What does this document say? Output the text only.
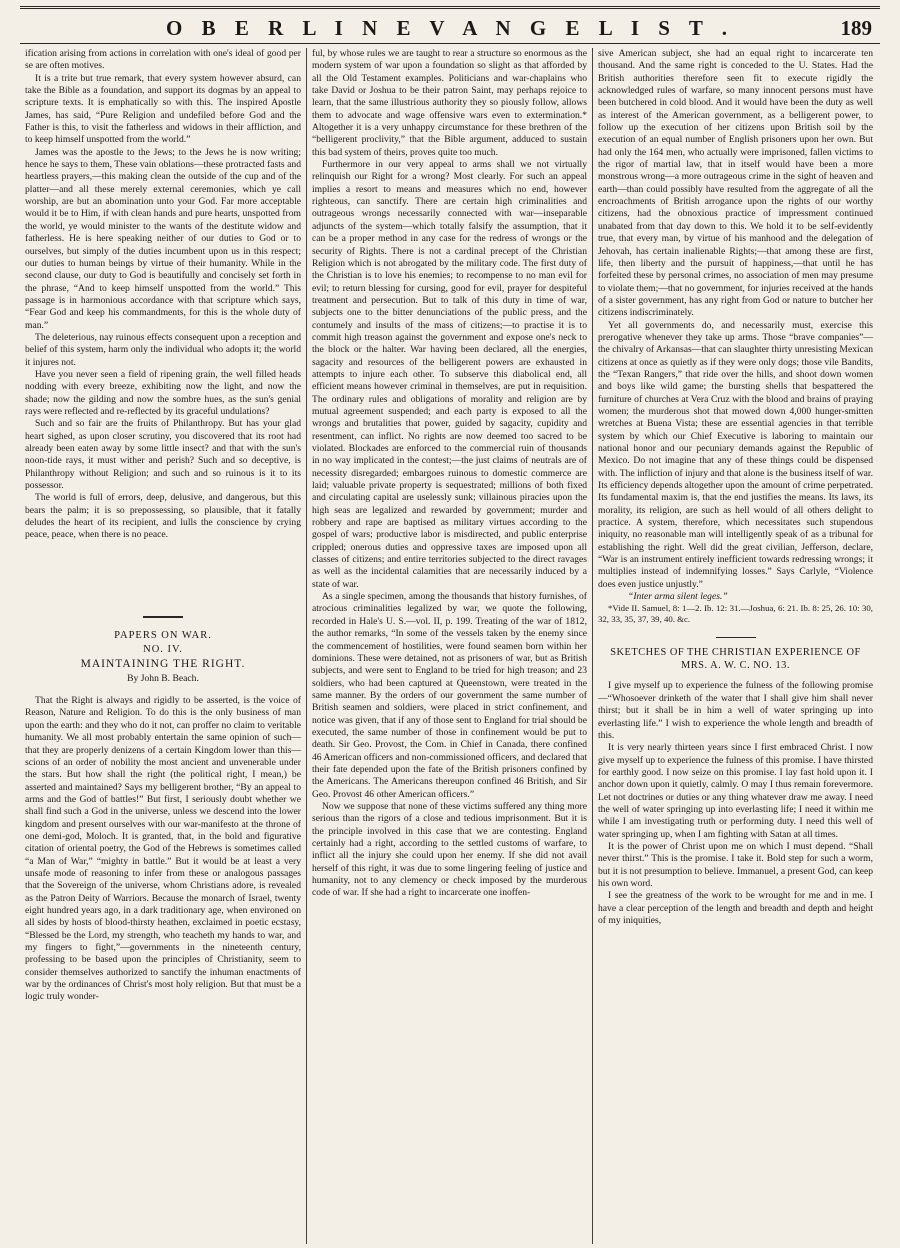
O B E R L I N E V A N G E L I S T .	189

ification arising from actions in correlation with one's ideal of good per se are often motives.

It is a trite but true remark, that every system however absurd, can take the Bible as a foundation, and support its dogmas by an appeal to scripture texts. It is emphatically so with this. The inspired Apostle James, has said, “Pure Religion and undefiled before God and the Father is this, to visit the fatherless and widows in their affliction, and to keep himself unspotted from the world.”

James was the apostle to the Jews; to the Jews he is now writing; hence he says to them, These vain oblations—these protracted fasts and heartless prayers,—this making clean the outside of the cup and of the platter—and all these merely external ceremonies, which ye call worship, are but an abomination unto your God. Far more acceptable would it be to Him, if with clean hands and pure hearts, unspotted from the world, ye would minister to the wants of the destitute widow and fatherless. He is here speaking neither of our duties to God or to ourselves, but simply of the duties incumbent upon us in this respect; our duties to human beings by virtue of their humanity. While in the second clause, our duty to God is beautifully and concisely set forth in the phrase, “And to keep himself unspotted from the world.” This passage is in harmonious accordance with that scripture which says, “Fear God and keep his commandments, for this is the whole duty of man.”

The deleterious, nay ruinous effects consequent upon a reception and belief of this system, harm only the individual who adopts it; the world it injures not.

Have you never seen a field of ripening grain, the well filled heads nodding with every breeze, exhibiting now the light, and now the shade; now the gilding and now the sombre hues, as the sun's genial rays were reflected and re-reflected by its graceful undulations?

Such and so fair are the fruits of Philanthropy. But has your glad heart sighed, as upon closer scrutiny, you discovered that its root had already been eaten away by some little insect? and that with the sun's noon-tide rays, it must wither and perish? Such and so deceptive, is Philanthropy without Religion; and such and so ruinous is it to its possessor.

The world is full of errors, deep, delusive, and dangerous, but this bears the palm; it is so prepossessing, so plausible, that it fatally deludes the heart of its recipient, and lulls the conscience by crying peace, peace, when there is no peace.

PAPERS ON WAR.
NO. IV.
MAINTAINING THE RIGHT.
By John B. Beach.

That the Right is always and rigidly to be asserted, is the voice of Reason, Nature and Religion. To do this is the only business of man upon the earth: and they who do it not, can proffer no claim to veritable humanity. We all most probably entertain the same opinion of such—that they are properly denizens of a certain Kingdom lower than this—scions of an order of nobility the most ancient and unvenerable under the stars. But how shall the right (the political right, I mean,) be asserted and maintained? Says my belligerent brother, “By an appeal to arms and the God of battles!” But first, I seriously doubt whether we shall find such a God in the universe, unless we descend into the lower kingdom and present ourselves with our war-manifesto at the throne of one demi-god, Moloch. It is granted, that, in the bold and figurative citation of oriental poetry, the God of the Hebrews is sometimes called “a Man of War,” “mighty in battle.” But it would be at least a very unsafe mode of reasoning to infer from these or analogous passages that the Sovereign of the universe, whom Christians adore, is revealed as the Patron Deity of Warriors. Because the monarch of Israel, twenty eight hundred years ago, in a dark traditionary age, when environed on all sides by hosts of blood-thirsty heathen, exclaimed in poetic ecstasy, “Blessed be the Lord, my strength, who teacheth my hands to war, and my fingers to fight,”—governments in the nineteenth century, professing to be based upon the principles of Christianity, seem to consider themselves authorized to sanctify the inhuman enactments of war by the ordinances of Christ's most holy religion. But that must be a logic truly wonder-

ful, by whose rules we are taught to rear a structure so enormous as the modern system of war upon a foundation so slight as that afforded by all the Old Testament examples. Politicians and war-chaplains who take David or Joshua to be their patron Saint, may perhaps rejoice to learn, that the same illustrious authority they so piously follow, allows them to advocate and wage offensive wars even to extermination.* Altogether it is a very unhappy circumstance for these brethren of the “belligerent proclivity,” that the Bible argument, adduced to sustain this bad system of theirs, proves quite too much.

Furthermore in our very appeal to arms shall we not virtually relinquish our Right for a wrong? Most clearly. For such an appeal implies a resort to means and measures which no end, however righteous, can sanctify. There are certain high criminalities and outrageous wrongs necessarily connected with war—inseparable adjuncts of the system—which totally falsify the assumption, that it can be a proper method in any case for the redress of wrongs or the security of Rights. There is not a cardinal precept of the Christian Religion which is not abrogated by the military code. The first duty of the Christian is to love his enemies; to recompense to no man evil for evil; to return blessing for cursing, good for evil, prayer for despiteful treatment and persecution. But to talk of this duty in time of war, subjects one to the bitter denunciations of the public press, and the contumely and insults of the mass of citizens;—to practise it is to commit high treason against the government and expose one's neck to the block or the halter. War having been declared, all the energies, sagacity and resources of the belligerent powers are exhausted in attempts to injure each other. To subserve this diabolical end, all efficient means however criminal in themselves, are put in requisition. The ordinary rules and obligations of morality and religion are by mutual agreement suspended; and each party is exposed to all the wrongs and brutalities that power, guided by sagacity, cupidity and resentment, can inflict. No rights are now deemed too sacred to be violated. Blockades are enforced to the commercial ruin of thousands in no way implicated in the contest;—the just claims of neutrals are of necessity disregarded; embargoes ruinous to domestic commerce are laid; valuable private property is sequestrated; millions of both fixed and circulating capital are uselessly sunk; villainous piracies upon the high seas are legalized and rewarded by government; murder and robbery and rape are baptised as military virtues according to the gospel of wars; productive labor is misdirected, and public enterprise crippled; onerous duties and oppressive taxes are imposed upon all classes of citizens; and entire territories subjected to the direct ravages as well as the incidental calamities that are necessarily induced by a state of war.

As a single specimen, among the thousands that history furnishes, of atrocious criminalities legalized by war, we quote the following, recorded in Hale's U. S.—vol. II, p. 199. Treating of the war of 1812, the author remarks, “In some of the vessels taken by the enemy since the commencement of hostilities, were found seamen born within her dominions. These were detained, not as prisoners of war, but as British subjects, and were sent to England to be tried for high treason; and 23 soldiers, who had been captured at Queenstown, were treated in the same manner. By the orders of our government the same number of British seamen and soldiers, were placed in strict confinement, and notice was given, that if any of those sent to England for trial should be executed, the same number of those in confinement would be put to death. Sir Geo. Provost, the Com. in Chief in Canada, there confined 46 American officers and non-commissioned officers, and declared that their fate depended upon the fate of the British prisoners confined by the Americans. The Americans thereupon confined 46 British, and Sir Geo. Provost 46 other American officers.”

Now we suppose that none of these victims suffered any thing more serious than the rigors of a close and tedious imprisonment. But it is the principle involved in this case that we are contesting. England certainly had a right, according to the settled customs of warfare, to inflict all the injury she could upon her enemy. If she did not avail herself of this right, it was due to some lingering feeling of justice and humanity, not to any clemency or check imposed by the murderous code of war. If she had a right to incarcerate one inoffen-

sive American subject, she had an equal right to incarcerate ten thousand. And the same right is conceded to the U. States. Had the British authorities therefore seen fit to execute rigidly the acknowledged rules of warfare, so many innocent persons must have been butchered in cold blood. And it would have been the duty as well as interest of the American government, as a belligerent power, to follow up the execution of her citizens upon British soil by the execution of an equal number of English prisoners upon her own. But had only the 164 men, who actually were imprisoned, fallen victims to the rigor of martial law, that in itself would have been a more monstrous wrong—a more outrageous crime in the sight of heaven and earth—than could possibly have resulted from the aggregate of all the encroachments of British arrogance upon the rights of our worthy citizens, had the obnoxious practice of impressment continued unabated from that day down to this. We hold it to be self-evidently true, that every man, by virtue of his manhood and the delegation of Jehovah, has certain inalienable Rights;—that among these are first, life, then liberty and the pursuit of happiness,—that until he has forfeited these by personal crimes, no association of men may presume to violate them;—that no government, for injuries received at the hands of a sister government, has any right from God or nature to butcher her citizens indiscriminately.

Yet all governments do, and necessarily must, exercise this prerogative whenever they take up arms. Those “brave companies”—the chivalry of Arkansas—that can slaughter thirty unresisting Mexican citizens at once as quietly as if they were only dogs; those vile Bandits, the “Texan Rangers,” that ride over the hills, and shoot down women and boys like wild game; the bursting shells that bespattered the furniture of churches at Vera Cruz with the blood and brains of praying women; the murderous shot that mowed down 4,000 hunger-smitten wretches at Buena Vista; these are essential agencies in that terrible system by which our Chief Executive is laboring to maintain our national honor and our pecuniary demands against the Republic of Mexico. Do not imagine that any of these things could be dispensed with. The infliction of injury and that alone is the business itself of war. Its efficiency depends altogether upon the amount of crime perpetrated. Its fundamental maxim is, that the end justifies the means. Its laws, its morality, its religion, are such as hell would of all others delight to practice. A system, therefore, which necessitates such stupendous iniquity, no reasonable man will intelligently speak of as a tribunal for establishing the right. Well did the great civilian, Jefferson, declare, “War is an instrument entirely inefficient towards redressing wrongs; it multiplies instead of indemnifying losses.” Says Carlyle, “Violence does even justice unjustly.”

“Inter arma silent leges.”

*Vide II. Samuel, 8: 1—2. Ib. 12: 31.—Joshua, 6: 21. Ib. 8: 25, 26. 10: 30, 32, 33, 35, 37, 39, 40. &c.

SKETCHES OF THE CHRISTIAN EXPERIENCE OF MRS. A. W. C. NO. 13.

I give myself up to experience the fulness of the following promise—“Whosoever drinketh of the water that I shall give him shall never thirst; but it shall be in him a well of water springing up into everlasting life.” I wish to experience the whole length and breadth of this.

It is very nearly thirteen years since I first embraced Christ. I now give myself up to experience the fulness of this promise. I have thirsted for earthly good. I now seize on this promise. I lay fast hold upon it. I anchor down upon it quietly, calmly. O may I thus remain forevermore. Let not doctrines or duties or any thing whatever draw me away. I need the well of water springing up into everlasting life; I need it within me while I am investigating truth or performing duty. I need this well of water springing up, when I am fighting with Satan at all times.

It is the power of Christ upon me on which I must depend. “Shall never thirst.” This is the promise. I take it. Bold step for such a worm, but it is not presumption to believe. Immanuel, a present God, can keep his own word.

I see the greatness of the work to be wrought for me and in me. I have a clear perception of the length and breadth and depth and height of my iniquities,
